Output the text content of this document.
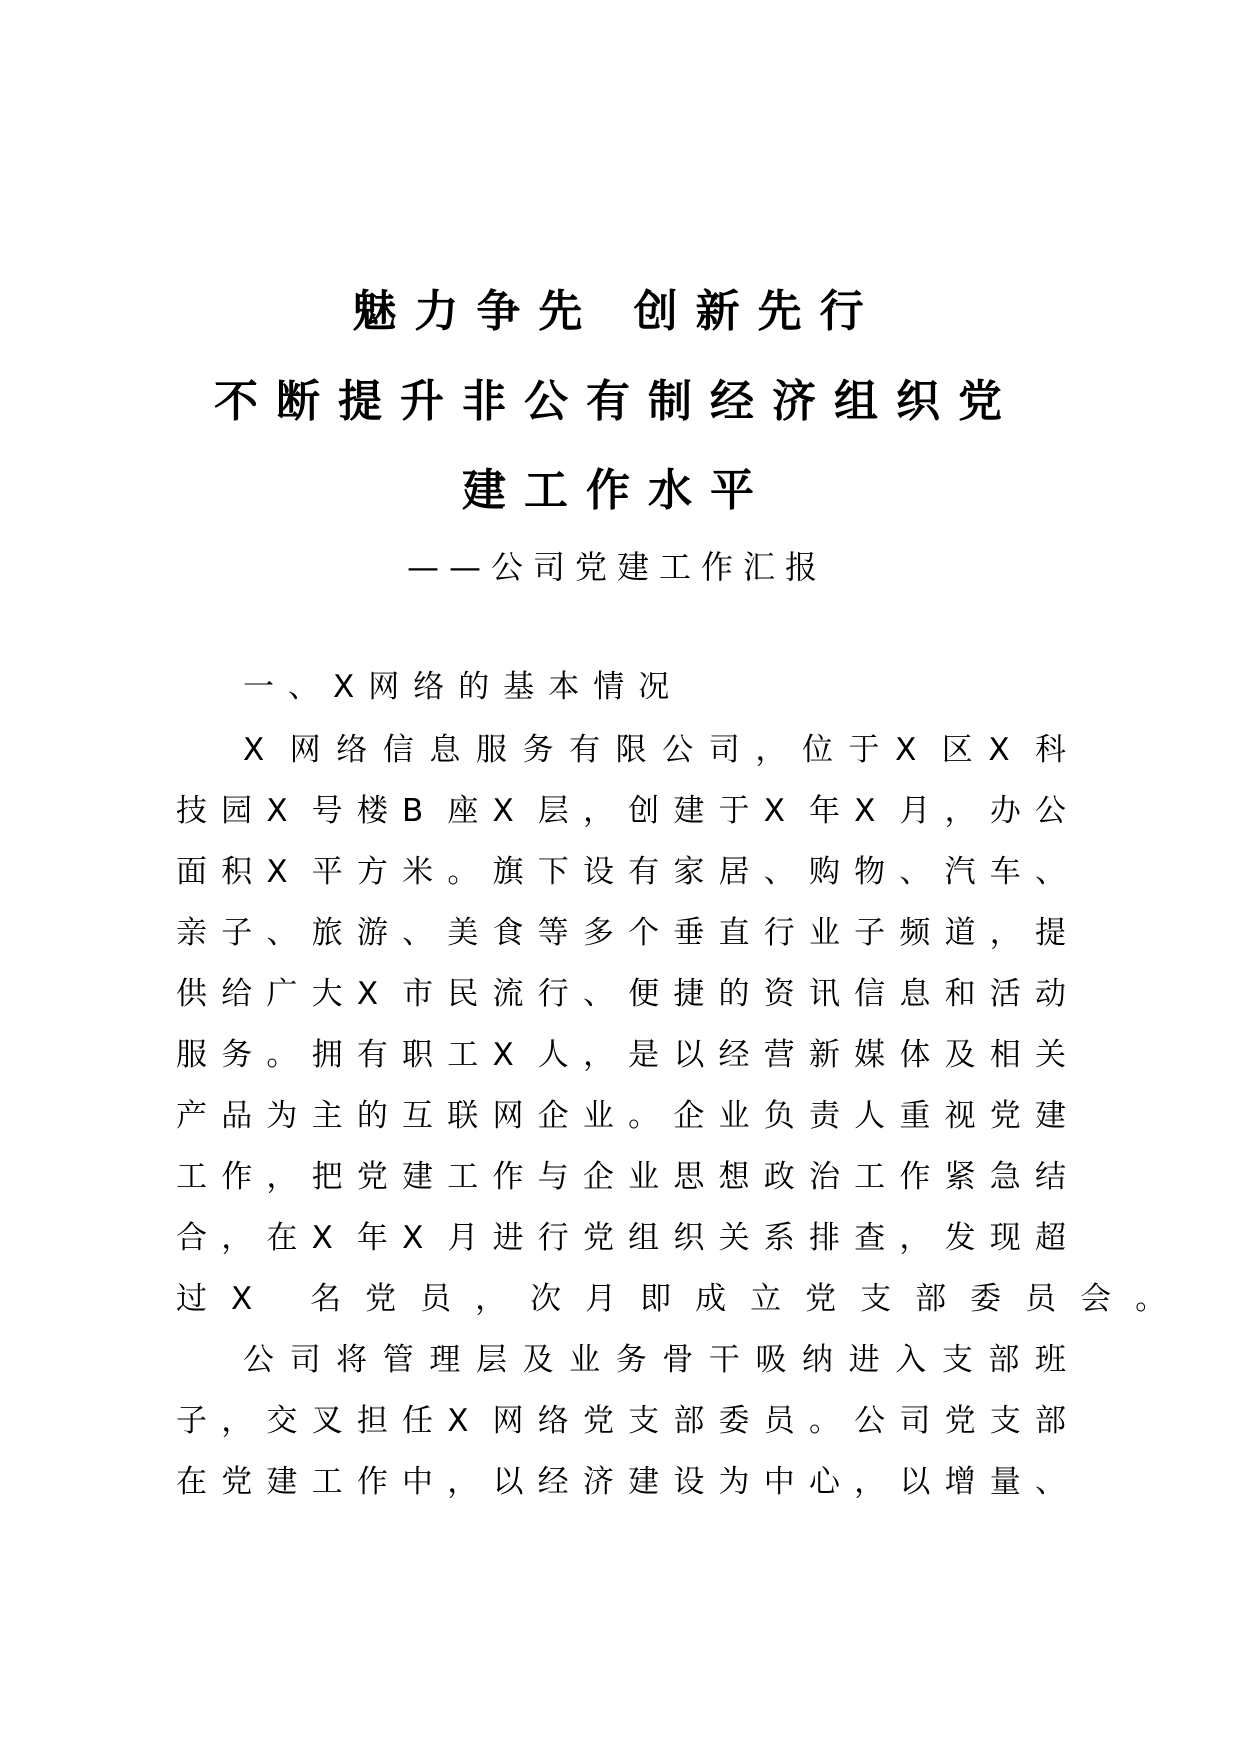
魅力争先 创新先行
不断提升非公有制经济组织党
建工作水平
——公司党建工作汇报
一、X网络的基本情况
X 网络信息服务有限公司，位于X 区X 科
技园X 号楼B 座X 层，创建于X 年X 月，办公
面积X 平方米。旗下设有家居、购物、汽车、
亲子、旅游、美食等多个垂直行业子频道，提
供给广大X 市民流行、便捷的资讯信息和活动
服务。拥有职工X 人，是以经营新媒体及相关
产品为主的互联网企业。企业负责人重视党建
工作，把党建工作与企业思想政治工作紧急结
合，在X 年X 月进行党组织关系排查，发现超
过X 名党员，次月即成立党支部委员会。
公司将管理层及业务骨干吸纳进入支部班
子，交叉担任X 网络党支部委员。公司党支部
在党建工作中，以经济建设为中心，以增量、
